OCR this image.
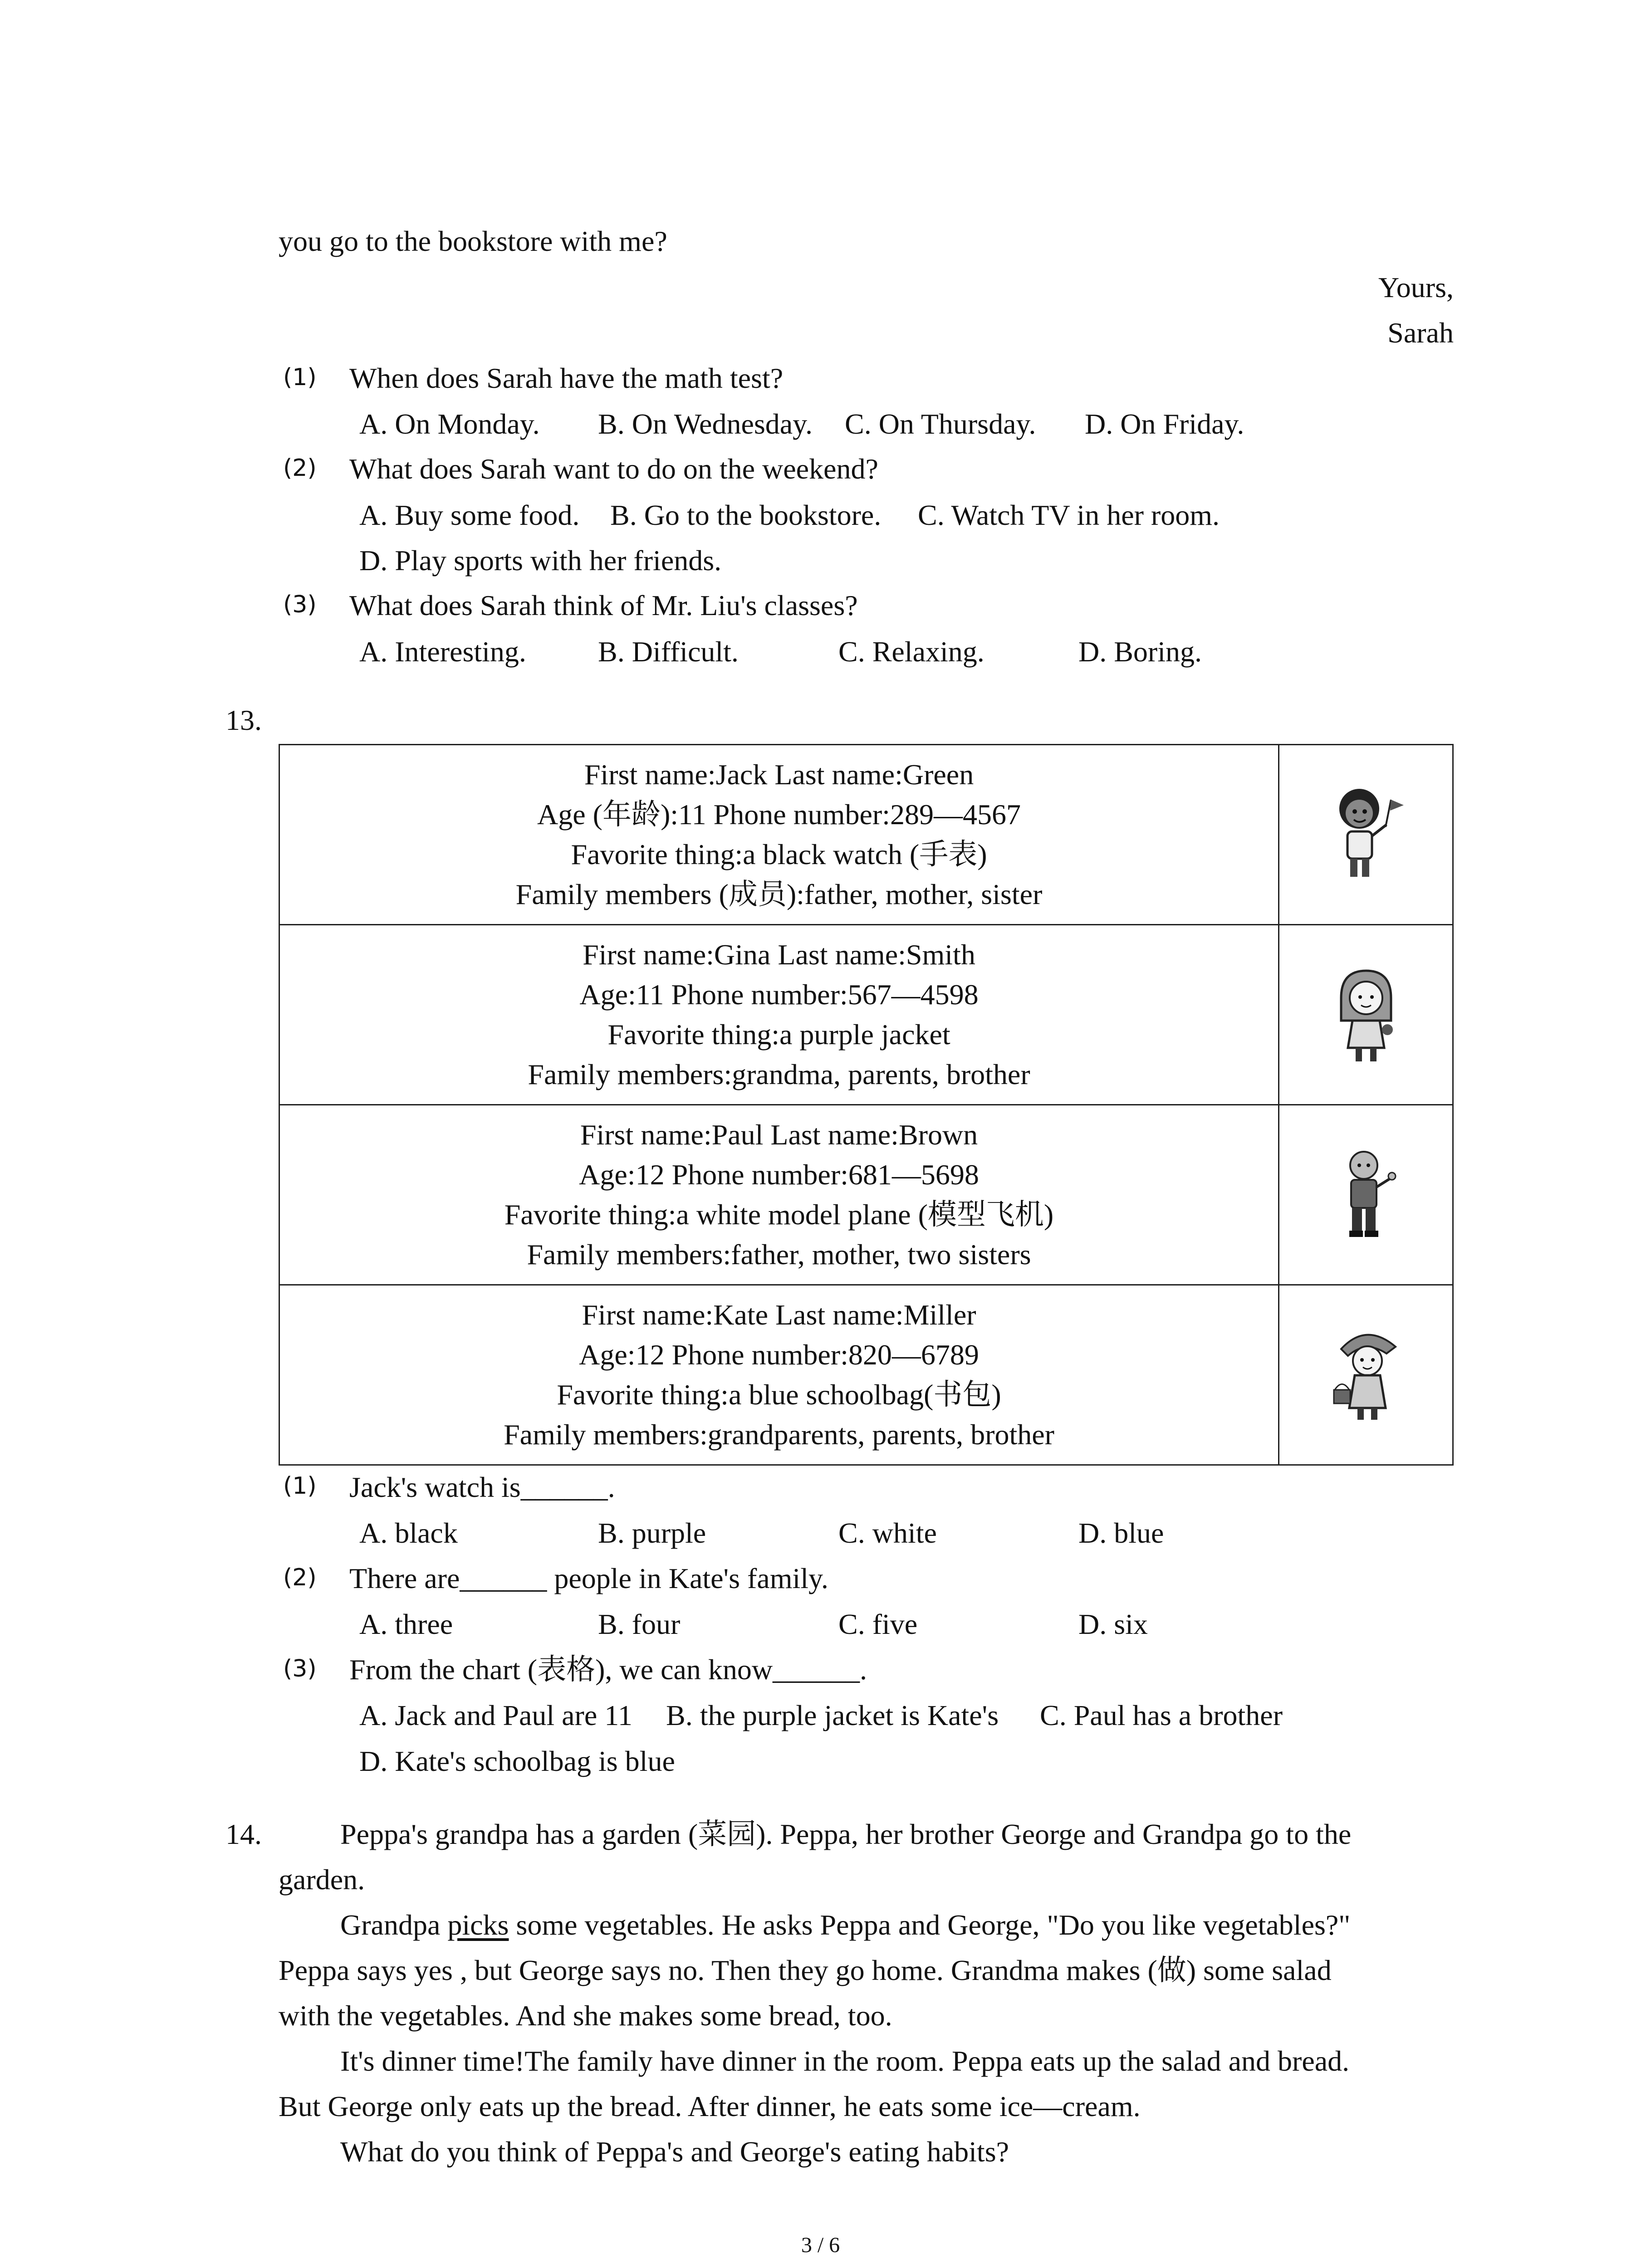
you go to the bookstore with me?
Yours,
Sarah
(1) When does Sarah have the math test?
A. On Monday. B. On Wednesday. C. On Thursday. D. On Friday.
(2) What does Sarah want to do on the weekend?
A. Buy some food. B. Go to the bookstore. C. Watch TV in her room.
D. Play sports with her friends.
(3) What does Sarah think of Mr. Liu's classes?
A. Interesting. B. Difficult.	C. Relaxing.	D. Boring.
13.
First name:Jack Last name:Green
Age (年龄):11 Phone number:289—4567
Favorite thing:a black watch (手表)
Family members (成员):father, mother, sister

First name:Gina Last name:Smith
Age:11 Phone number:567—4598
Favorite thing:a purple jacket
Family members:grandma, parents, brother

First name:Paul Last name:Brown
Age:12 Phone number:681—5698
Favorite thing:a white model plane (模型飞机)
Family members:father, mother, two sisters

First name:Kate Last name:Miller
Age:12 Phone number:820—6789
Favorite thing:a blue schoolbag(书包)
Family members:grandparents, parents, brother

(1) Jack's watch is______.
A. black	B. purple	C. white	D. blue
(2) There are______ people in Kate's family.
A. three	B. four	C. five	D. six
(3) From the chart (表格), we can know______.
A. Jack and Paul are 11 B. the purple jacket is Kate's C. Paul has a brother
D. Kate's schoolbag is blue
14.	Peppa's grandpa has a garden (菜园). Peppa, her brother George and Grandpa go to the
garden.
Grandpa picks some vegetables. He asks Peppa and George, "Do you like vegetables?"
Peppa says yes , but George says no. Then they go home. Grandma makes (做) some salad
with the vegetables. And she makes some bread, too.
It's dinner time!The family have dinner in the room. Peppa eats up the salad and bread.
But George only eats up the bread. After dinner, he eats some ice—cream.
What do you think of Peppa's and George's eating habits?
3 / 6
